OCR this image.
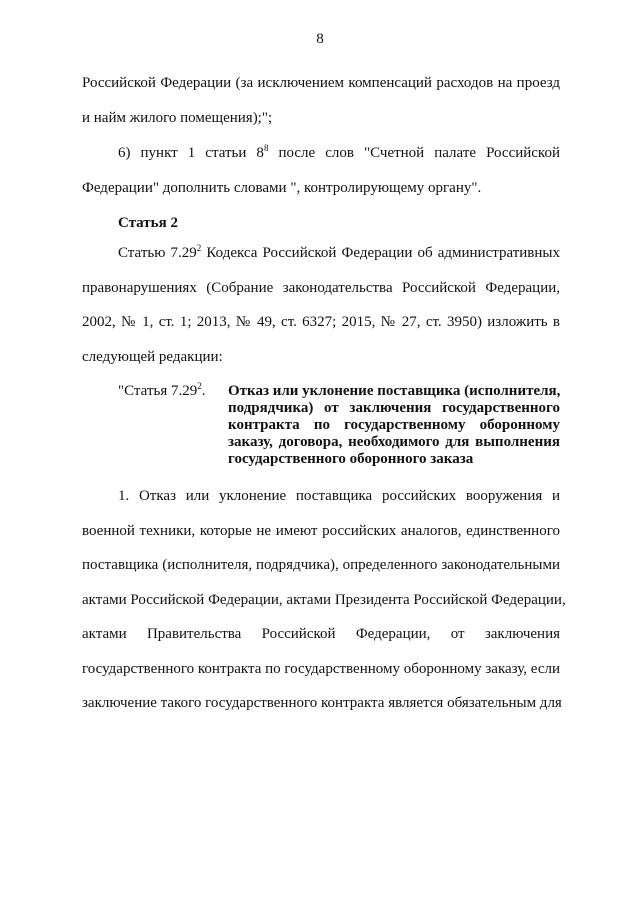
8
Российской Федерации (за исключением компенсаций расходов на проезд
и найм жилого помещения);";
6) пункт 1 статьи $8^8$ после слов "Счетной палате Российской
Федерации" дополнить словами ", контролирующему органу".
Статья 2
Статью 7.29$^2$ Кодекса Российской Федерации об административных
правонарушениях (Собрание законодательства Российской Федерации,
2002, № 1, ст. 1; 2013, № 49, ст. 6327; 2015, № 27, ст. 3950) изложить в
следующей редакции:
"Статья 7.29$^2$. Отказ или уклонение поставщика (исполнителя,
подрядчика) от заключения государственного
контракта по государственному оборонному
заказу, договора, необходимого для выполнения
государственного оборонного заказа
1. Отказ или уклонение поставщика российских вооружения и
военной техники, которые не имеют российских аналогов, единственного
поставщика (исполнителя, подрядчика), определенного законодательными
актами Российской Федерации, актами Президента Российской Федерации,
актами Правительства Российской Федерации, от заключения
государственного контракта по государственному оборонному заказу, если
заключение такого государственного контракта является обязательным для
